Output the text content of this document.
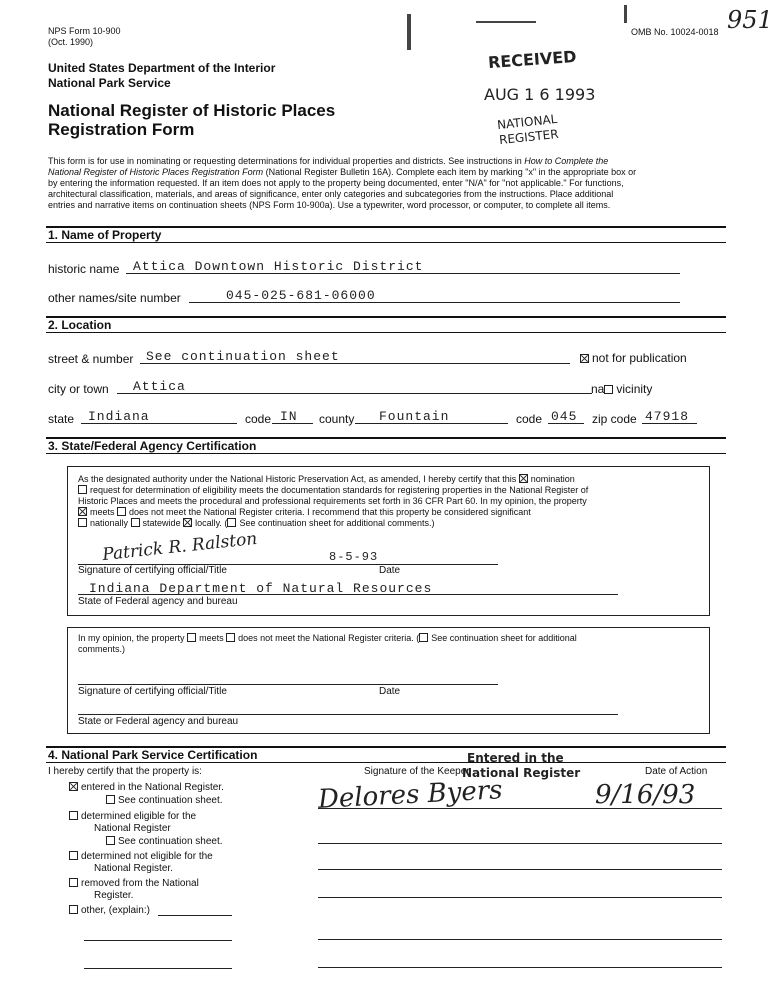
NPS Form 10-900
(Oct. 1990)
OMB No. 10024-0018 951
United States Department of the Interior
National Park Service
National Register of Historic Places
Registration Form
RECEIVED
AUG 1 6 1993
NATIONAL
REGISTER
This form is for use in nominating or requesting determinations for individual properties and districts. See instructions in How to Complete the
National Register of Historic Places Registration Form (National Register Bulletin 16A). Complete each item by marking "x" in the appropriate box or
by entering the information requested. If an item does not apply to the property being documented, enter "N/A" for "not applicable." For functions,
architectural classification, materials, and areas of significance, enter only categories and subcategories from the instructions. Place additional
entries and narrative items on continuation sheets (NPS Form 10-900a). Use a typewriter, word processor, or computer, to complete all items.
1. Name of Property
historic name Attica Downtown Historic District
other names/site number	045-025-681-06000
2. Location
street & number See continuation sheet	not for publication
city or town Attica	na vicinity
state Indiana	code IN county Fountain	code 045 zip code 47918
3. State/Federal Agency Certification
As the designated authority under the National Historic Preservation Act, as amended, I hereby certify that this nomination
request for determination of eligibility meets the documentation standards for registering properties in the National Register of
Historic Places and meets the procedural and professional requirements set forth in 36 CFR Part 60. In my opinion, the property
meets does not meet the National Register criteria. I recommend that this property be considered significant
nationally statewide locally. ( See continuation sheet for additional comments.)
Patrick R. Ralston	8-5-93
Signature of certifying official/Title	Date
Indiana Department of Natural Resources
State of Federal agency and bureau
In my opinion, the property meets does not meet the National Register criteria. ( See continuation sheet for additional
comments.)
Signature of certifying official/Title	Date
State or Federal agency and bureau
4. National Park Service Certification
I hereby certify that the property is:	Signature of the Keeper	Date of Action
Entered in the
National Register
Delores Byers	9/16/93
entered in the National Register.
See continuation sheet.
determined eligible for the
National Register
See continuation sheet.
determined not eligible for the
National Register.
removed from the National
Register.
other, (explain:)
